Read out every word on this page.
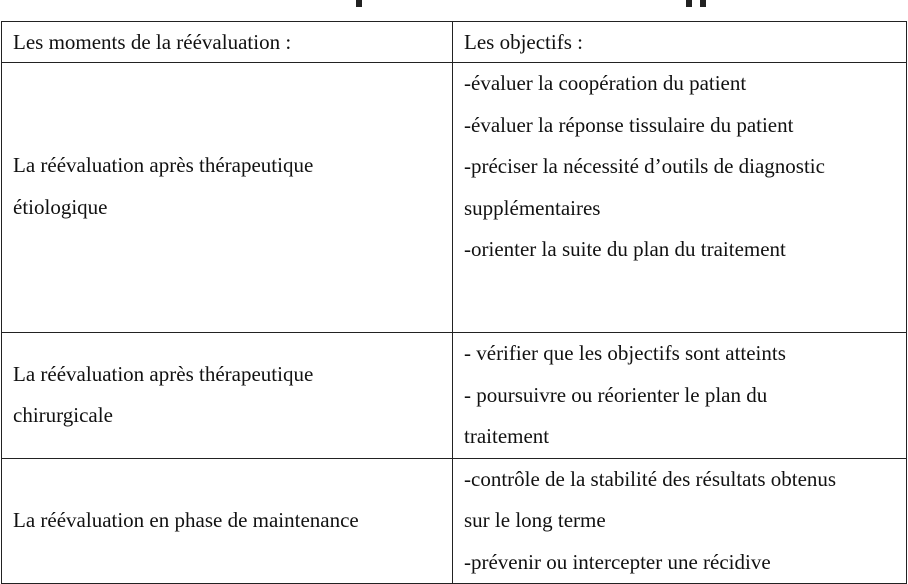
Les moments de la réévaluation :	Les objectifs :

La réévaluation après thérapeutique
étiologique	-évaluer la coopération du patient
-évaluer la réponse tissulaire du patient
-préciser la nécessité d’outils de diagnostic
supplémentaires
-orienter la suite du plan du traitement

La réévaluation après thérapeutique
chirurgicale	- vérifier que les objectifs sont atteints
- poursuivre ou réorienter le plan du
traitement

La réévaluation en phase de maintenance	-contrôle de la stabilité des résultats obtenus
sur le long terme
-prévenir ou intercepter une récidive
